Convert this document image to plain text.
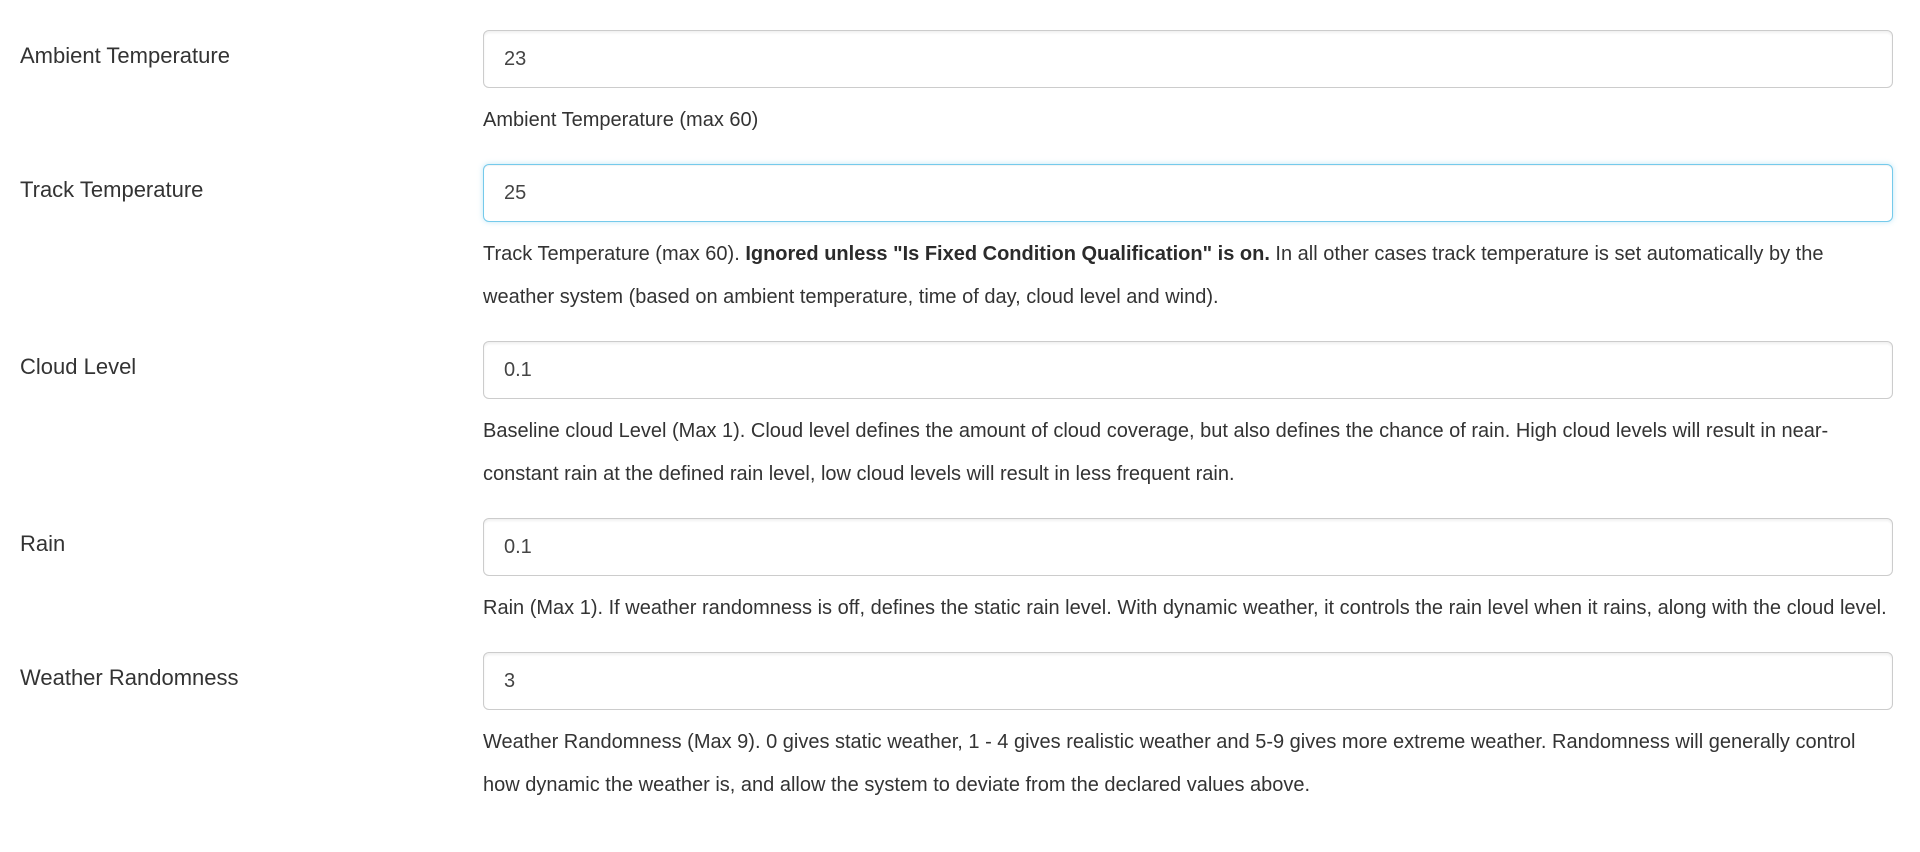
Ambient Temperature
23

Ambient Temperature (max 60)

Track Temperature
25

Track Temperature (max 60). Ignored unless "Is Fixed Condition Qualification" is on. In all other cases track temperature is set automatically by the weather system (based on ambient temperature, time of day, cloud level and wind).

Cloud Level
0.1

Baseline cloud Level (Max 1). Cloud level defines the amount of cloud coverage, but also defines the chance of rain. High cloud levels will result in near-constant rain at the defined rain level, low cloud levels will result in less frequent rain.

Rain
0.1

Rain (Max 1). If weather randomness is off, defines the static rain level. With dynamic weather, it controls the rain level when it rains, along with the cloud level.

Weather Randomness
3

Weather Randomness (Max 9). 0 gives static weather, 1 - 4 gives realistic weather and 5-9 gives more extreme weather. Randomness will generally control how dynamic the weather is, and allow the system to deviate from the declared values above.
